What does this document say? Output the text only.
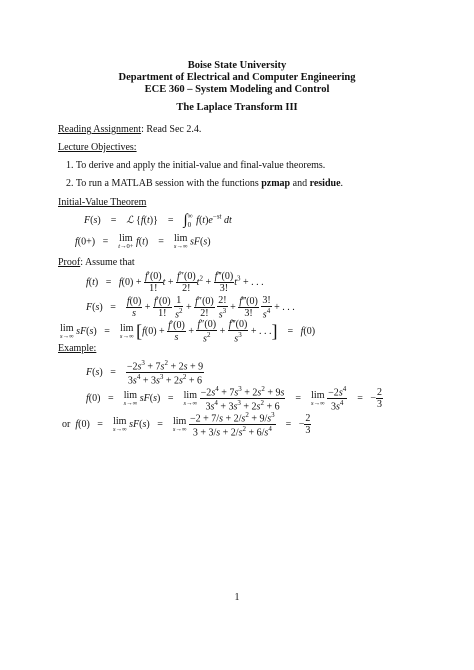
Boise State University
Department of Electrical and Computer Engineering
ECE 360 – System Modeling and Control
The Laplace Transform III
Reading Assignment: Read Sec 2.4.
Lecture Objectives:
1. To derive and apply the initial-value and final-value theorems.
2. To run a MATLAB session with the functions pzmap and residue.
Initial-Value Theorem
F(s)    =    ℒ {f(t)}    =    ∫∞0 $f(t)e^{-st}$ dt
f(0+)   =    lim
t→0+ f(t)    =    lim
s→∞ sF(s)
Proof: Assume that
$f(t) = f(0) + \frac{f'(0)}{1!}$ $t + \frac{f''(0)}{2!} t^2 + \frac{f‴(0)}{3!} t^3$ + . . .
$F(s) = \frac{f(0)}{s} + \frac{f'(0)}{1!}$
$\frac{1}{s^2} + \frac{f''(0)}{2!}$
$\frac{2!}{s^3} + \frac{f‴(0)}{3!}$
$\frac{3!}{s^4}$ + . . .
lim
s→∞ sF(s)   =    lim
s→∞ [$f(0) + \frac{f'(0)}{s} + \frac{f''(0)}{s^2} + \frac{f‴(0)}{s^3}$ + . . .]    =   f(0)
Example:
$F(s) = \frac{-2s^3 + 7s^2 + 2s + 9}{3s^4 + 3s^3 + 2s^2 + 6}$
f(0)   =    lim
s→∞ sF(s)   =    lim
s→∞
$\frac{-2s^4 + 7s^3 + 2s^2 + 9s}{3s^4 + 3s^3 + 2s^2 + 6}$ =    lim
s→∞
$\frac{-2s^4}{3s^4}$ =   − $\frac{2}{3}$
or  f(0)   =    lim
s→∞ sF(s)   =    lim
s→∞
$\frac{-2 + 7/s + 2/s^2 + 9/s^3}{3 + 3/s + 2/s^2 + 6/s^4}$ =   − $\frac{2}{3}$
1
